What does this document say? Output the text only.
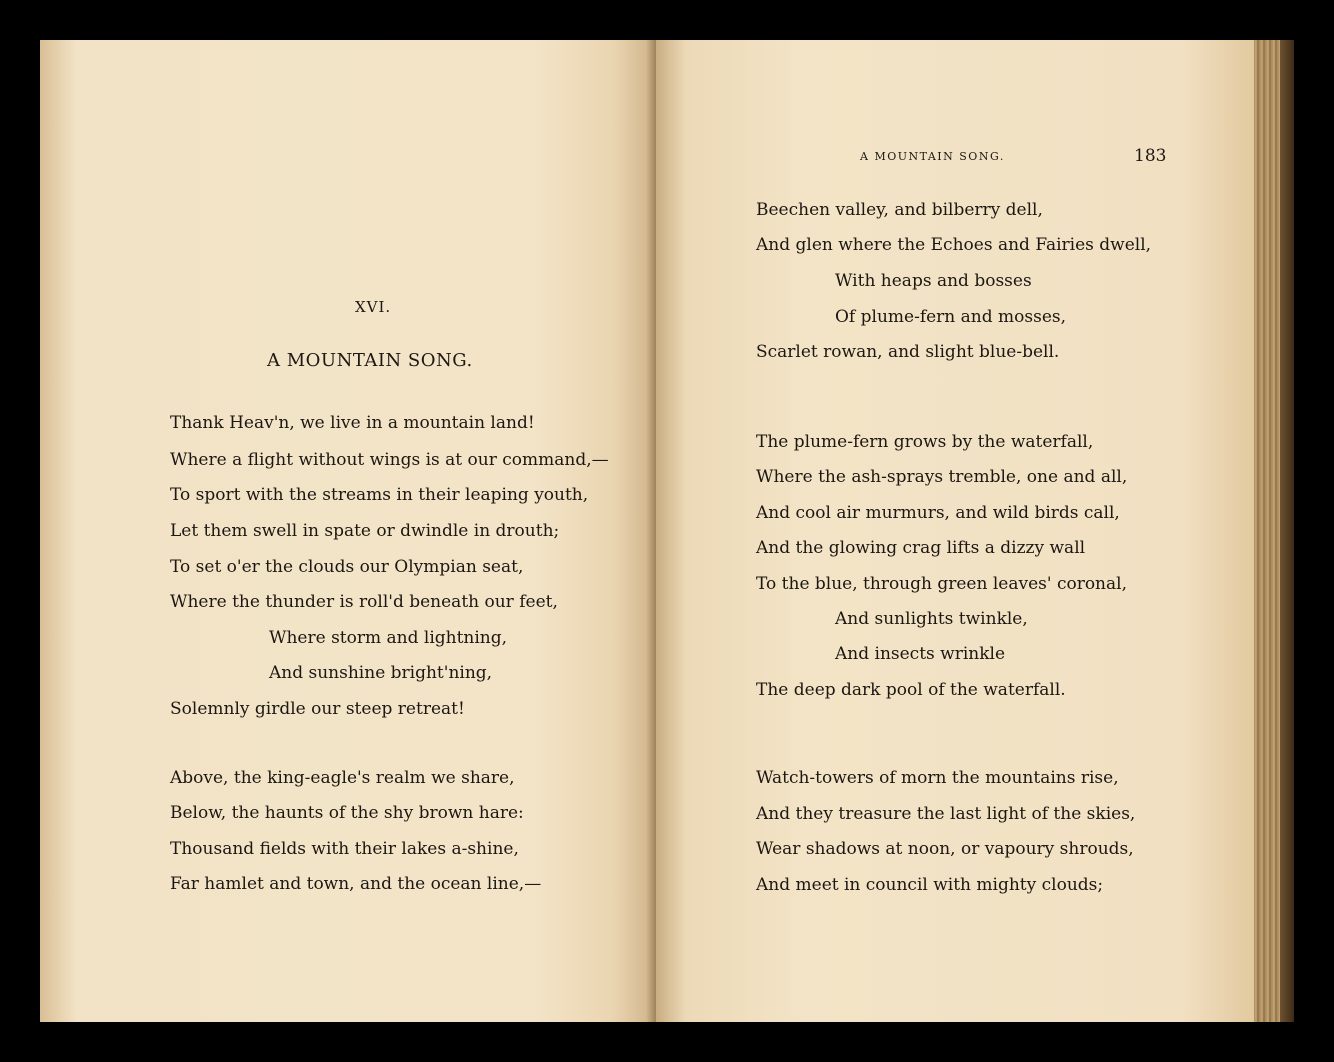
XVI.
A MOUNTAIN SONG.
Thank Heav'n, we live in a mountain land!
Where a flight without wings is at our command,—
To sport with the streams in their leaping youth,
Let them swell in spate or dwindle in drouth;
To set o'er the clouds our Olympian seat,
Where the thunder is roll'd beneath our feet,
Where storm and lightning,
And sunshine bright'ning,
Solemnly girdle our steep retreat!
Above, the king-eagle's realm we share,
Below, the haunts of the shy brown hare:
Thousand fields with their lakes a-shine,
Far hamlet and town, and the ocean line,—
A MOUNTAIN SONG.	183
Beechen valley, and bilberry dell,
And glen where the Echoes and Fairies dwell,
With heaps and bosses
Of plume-fern and mosses,
Scarlet rowan, and slight blue-bell.
The plume-fern grows by the waterfall,
Where the ash-sprays tremble, one and all,
And cool air murmurs, and wild birds call,
And the glowing crag lifts a dizzy wall
To the blue, through green leaves' coronal,
And sunlights twinkle,
And insects wrinkle
The deep dark pool of the waterfall.
Watch-towers of morn the mountains rise,
And they treasure the last light of the skies,
Wear shadows at noon, or vapoury shrouds,
And meet in council with mighty clouds;
